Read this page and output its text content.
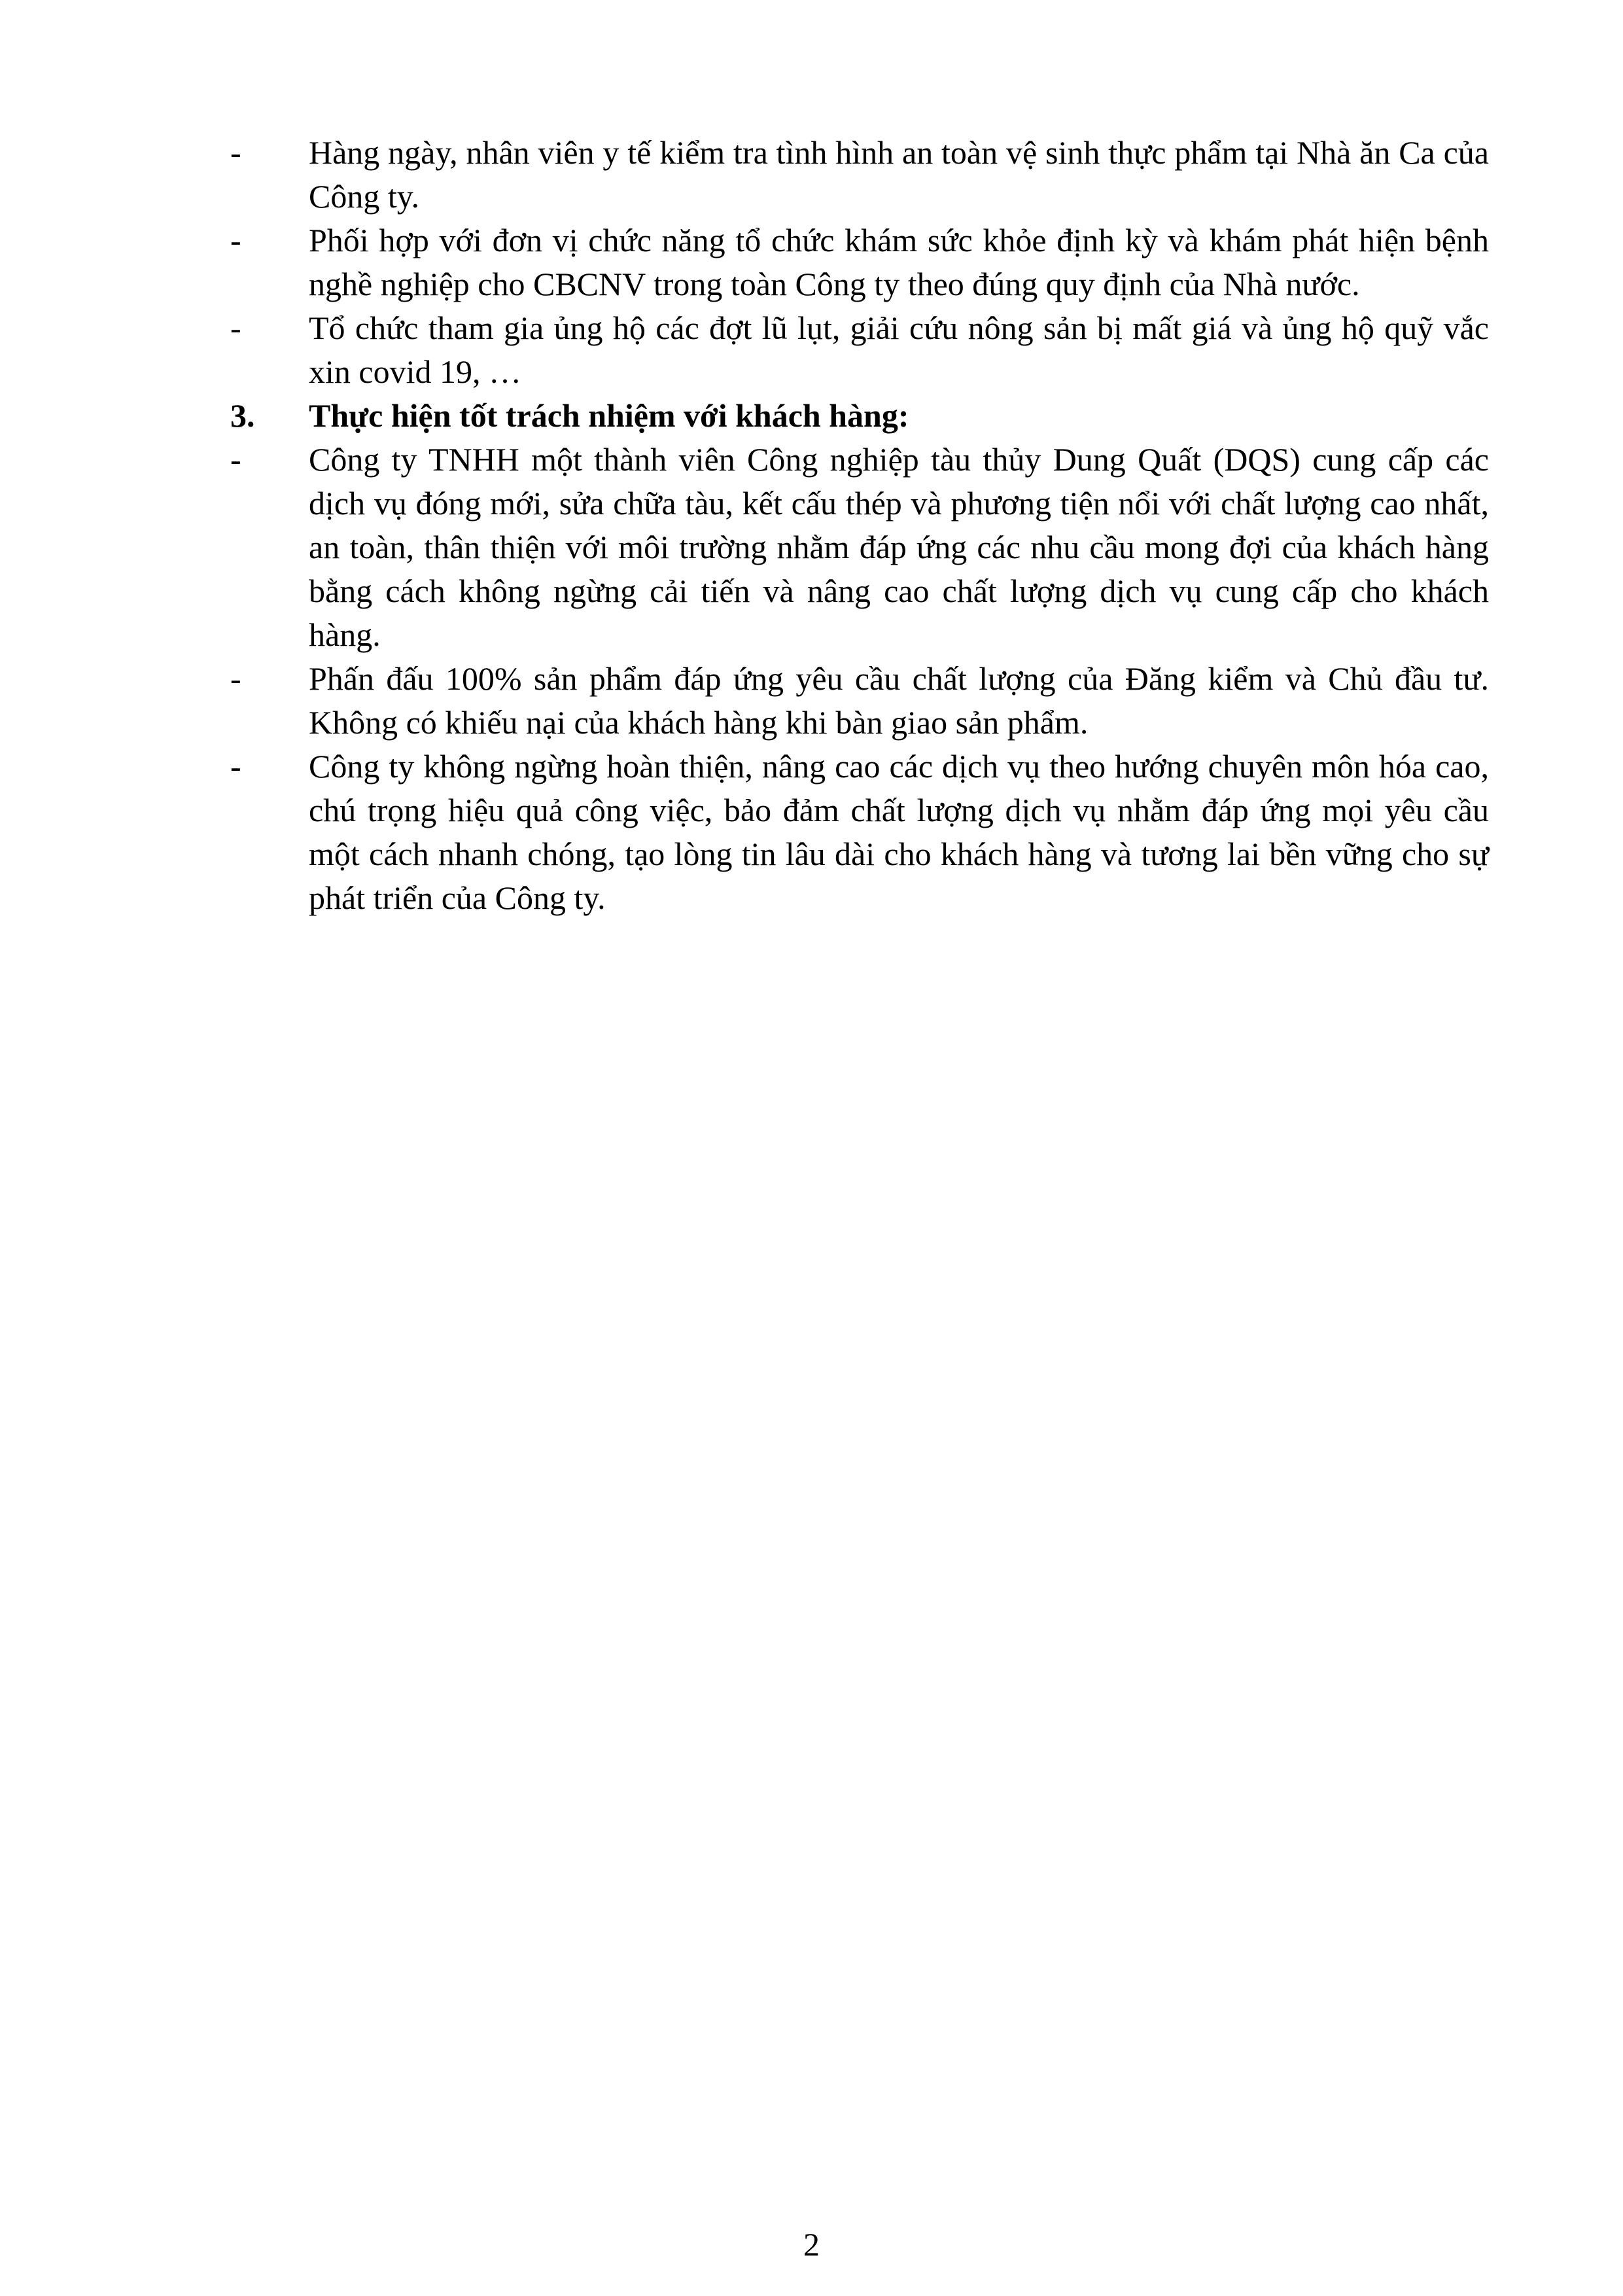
-	Hàng ngày, nhân viên y tế kiểm tra tình hình an toàn vệ sinh thực phẩm tại Nhà ăn Ca của Công ty.
-	Phối hợp với đơn vị chức năng tổ chức khám sức khỏe định kỳ và khám phát hiện bệnh nghề nghiệp cho CBCNV trong toàn Công ty theo đúng quy định của Nhà nước.
-	Tổ chức tham gia ủng hộ các đợt lũ lụt, giải cứu nông sản bị mất giá và ủng hộ quỹ vắc xin covid 19, …
3.	Thực hiện tốt trách nhiệm với khách hàng:
-	Công ty TNHH một thành viên Công nghiệp tàu thủy Dung Quất (DQS) cung cấp các dịch vụ đóng mới, sửa chữa tàu, kết cấu thép và phương tiện nổi với chất lượng cao nhất, an toàn, thân thiện với môi trường nhằm đáp ứng các nhu cầu mong đợi của khách hàng bằng cách không ngừng cải tiến và nâng cao chất lượng dịch vụ cung cấp cho khách hàng.
-	Phấn đấu 100% sản phẩm đáp ứng yêu cầu chất lượng của Đăng kiểm và Chủ đầu tư. Không có khiếu nại của khách hàng khi bàn giao sản phẩm.
-	Công ty không ngừng hoàn thiện, nâng cao các dịch vụ theo hướng chuyên môn hóa cao, chú trọng hiệu quả công việc, bảo đảm chất lượng dịch vụ nhằm đáp ứng mọi yêu cầu một cách nhanh chóng, tạo lòng tin lâu dài cho khách hàng và tương lai bền vững cho sự phát triển của Công ty.
2
